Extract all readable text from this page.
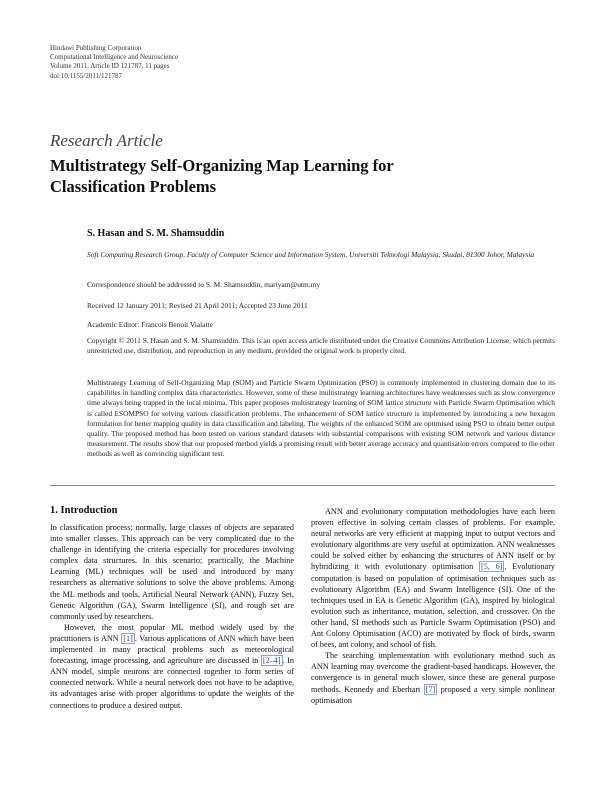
Hindawi Publishing Corporation
Computational Intelligence and Neuroscience
Volume 2011, Article ID 121787, 11 pages
doi:10.1155/2011/121787
Research Article
Multistrategy Self-Organizing Map Learning for Classification Problems
S. Hasan and S. M. Shamsuddin
Soft Computing Research Group, Faculty of Computer Science and Information System, Universiti Teknologi Malaysia, Skudai, 81300 Johor, Malaysia
Correspondence should be addressed to S. M. Shamsuddin, mariyam@utm.my
Received 12 January 2011; Revised 21 April 2011; Accepted 23 June 2011
Academic Editor: Francois Benoit Vialatte
Copyright © 2011 S. Hasan and S. M. Shamsuddin. This is an open access article distributed under the Creative Commons Attribution License, which permits unrestricted use, distribution, and reproduction in any medium, provided the original work is properly cited.
Multistrategy Learning of Self-Organizing Map (SOM) and Particle Swarm Optimization (PSO) is commonly implemented in clustering domain due to its capabilities in handling complex data characteristics. However, some of these multistrategy learning architectures have weaknesses such as slow convergence time always being trapped in the local minima. This paper proposes multistrategy learning of SOM lattice structure with Particle Swarm Optimisation which is called ESOMPSO for solving various classification problems. The enhancement of SOM lattice structure is implemented by introducing a new hexagon formulation for better mapping quality in data classification and labeling. The weights of the enhanced SOM are optimised using PSO to obtain better output quality. The proposed method has been tested on various standard datasets with substantial comparisons with existing SOM network and various distance measurement. The results show that our proposed method yields a promising result with better average accuracy and quantisation errors compared to the other methods as well as convincing significant test.
1. Introduction

In classification process; normally, large classes of objects are separated into smaller classes. This approach can be very complicated due to the challenge in identifying the criteria especially for procedures involving complex data structures. In this scenario; practically, the Machine Learning (ML) techniques will be used and introduced by many researchers as alternative solutions to solve the above problems. Among the ML methods and tools, Artificial Neural Network (ANN), Fuzzy Set, Genetic Algorithm (GA), Swarm Intelligence (SI), and rough set are commonly used by researchers.

However, the most popular ML method widely used by the practitioners is ANN [1] . Various applications of ANN which have been implemented in many practical problems such as meteorological forecasting, image processing, and agriculture are discussed in [2–4] . In ANN model, simple neurons are connected together to form series of connected network. While a neural network does not have to be adaptive, its advantages arise with proper algorithms to update the weights of the connections to produce a desired output.

ANN and evolutionary computation methodologies have each been proven effective in solving certain classes of problems. For example, neural networks are very efficient at mapping input to output vectors and evolutionary algorithms are very useful at optimization. ANN weaknesses could be solved either by enhancing the structures of ANN itself or by hybridizing it with evolutionary optimisation [5, 6] . Evolutionary computation is based on population of optimisation techniques such as evolutionary Algorithm (EA) and Swarm Intelligence (SI). One of the techniques used in EA is Genetic Algorithm (GA), inspired by biological evolution such as inheritance, mutation, selection, and crossover. On the other hand, SI methods such as Particle Swarm Optimisation (PSO) and Ant Colony Optimisation (ACO) are motivated by flock of birds, swarm of bees, ant colony, and school of fish.

The searching implementation with evolutionary method such as ANN learning may overcome the gradient-based handicaps. However, the convergence is in general much slower, since these are general purpose methods. Kennedy and Eberhart [7] proposed a very simple nonlinear optimisation
